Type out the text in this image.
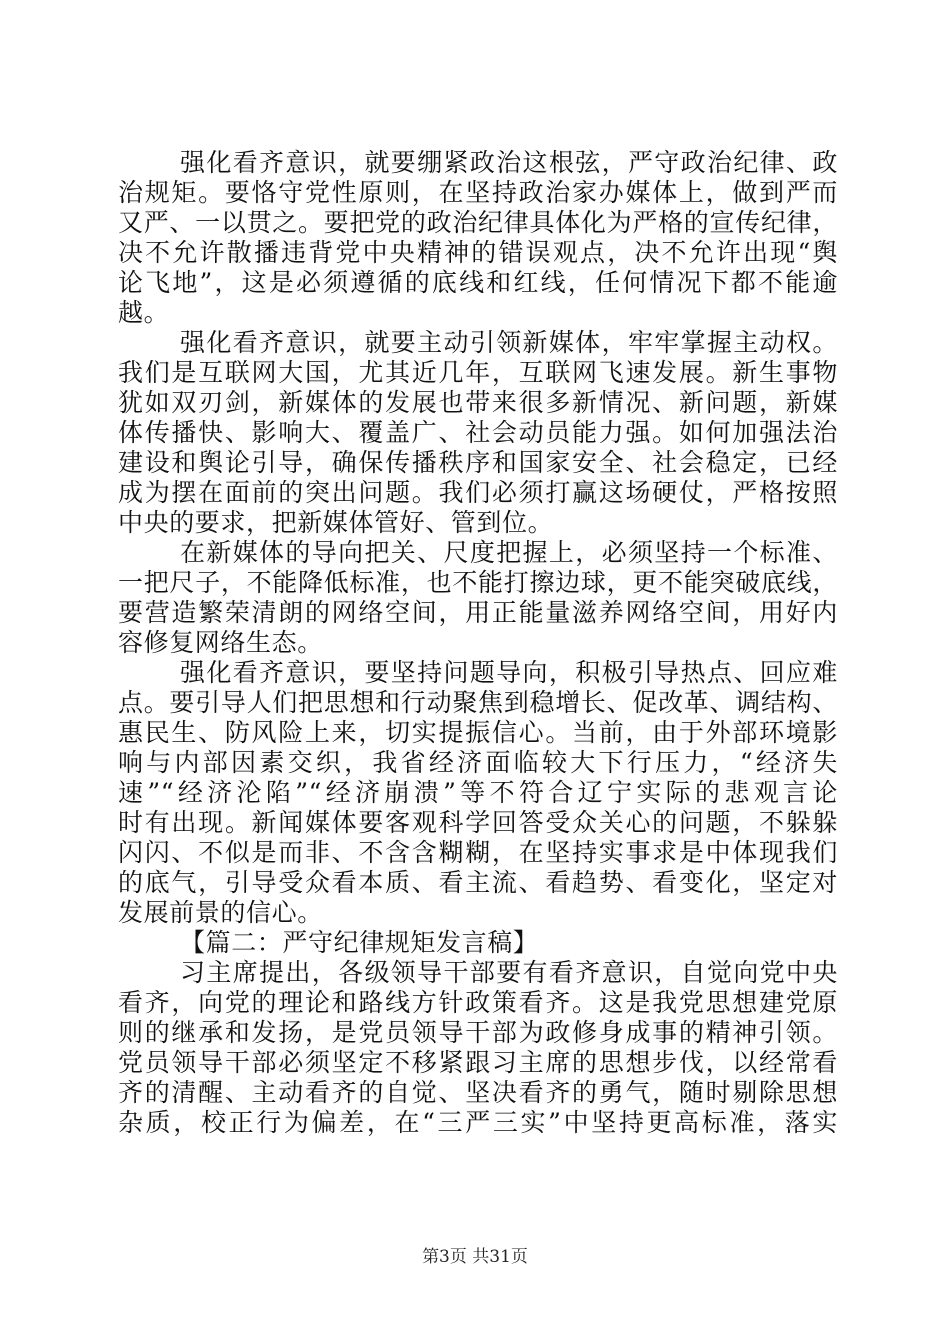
强化看齐意识，就要绷紧政治这根弦，严守政治纪律、政
治规矩。要恪守党性原则，在坚持政治家办媒体上，做到严而
又严、一以贯之。要把党的政治纪律具体化为严格的宣传纪律，
决不允许散播违背党中央精神的错误观点，决不允许出现“舆
论飞地”，这是必须遵循的底线和红线，任何情况下都不能逾
越。
强化看齐意识，就要主动引领新媒体，牢牢掌握主动权。
我们是互联网大国，尤其近几年，互联网飞速发展。新生事物
犹如双刃剑，新媒体的发展也带来很多新情况、新问题，新媒
体传播快、影响大、覆盖广、社会动员能力强。如何加强法治
建设和舆论引导，确保传播秩序和国家安全、社会稳定，已经
成为摆在面前的突出问题。我们必须打赢这场硬仗，严格按照
中央的要求，把新媒体管好、管到位。
在新媒体的导向把关、尺度把握上，必须坚持一个标准、
一把尺子，不能降低标准，也不能打擦边球，更不能突破底线，
要营造繁荣清朗的网络空间，用正能量滋养网络空间，用好内
容修复网络生态。
强化看齐意识，要坚持问题导向，积极引导热点、回应难
点。要引导人们把思想和行动聚焦到稳增长、促改革、调结构、
惠民生、防风险上来，切实提振信心。当前，由于外部环境影
响与内部因素交织，我省经济面临较大下行压力，“经济失
速”“经济沦陷”“经济崩溃”等不符合辽宁实际的悲观言论
时有出现。新闻媒体要客观科学回答受众关心的问题，不躲躲
闪闪、不似是而非、不含含糊糊，在坚持实事求是中体现我们
的底气，引导受众看本质、看主流、看趋势、看变化，坚定对
发展前景的信心。
【篇二：严守纪律规矩发言稿】
习主席提出，各级领导干部要有看齐意识，自觉向党中央
看齐，向党的理论和路线方针政策看齐。这是我党思想建党原
则的继承和发扬，是党员领导干部为政修身成事的精神引领。
党员领导干部必须坚定不移紧跟习主席的思想步伐，以经常看
齐的清醒、主动看齐的自觉、坚决看齐的勇气，随时剔除思想
杂质，校正行为偏差，在“三严三实”中坚持更高标准，落实
第3页 共31页
